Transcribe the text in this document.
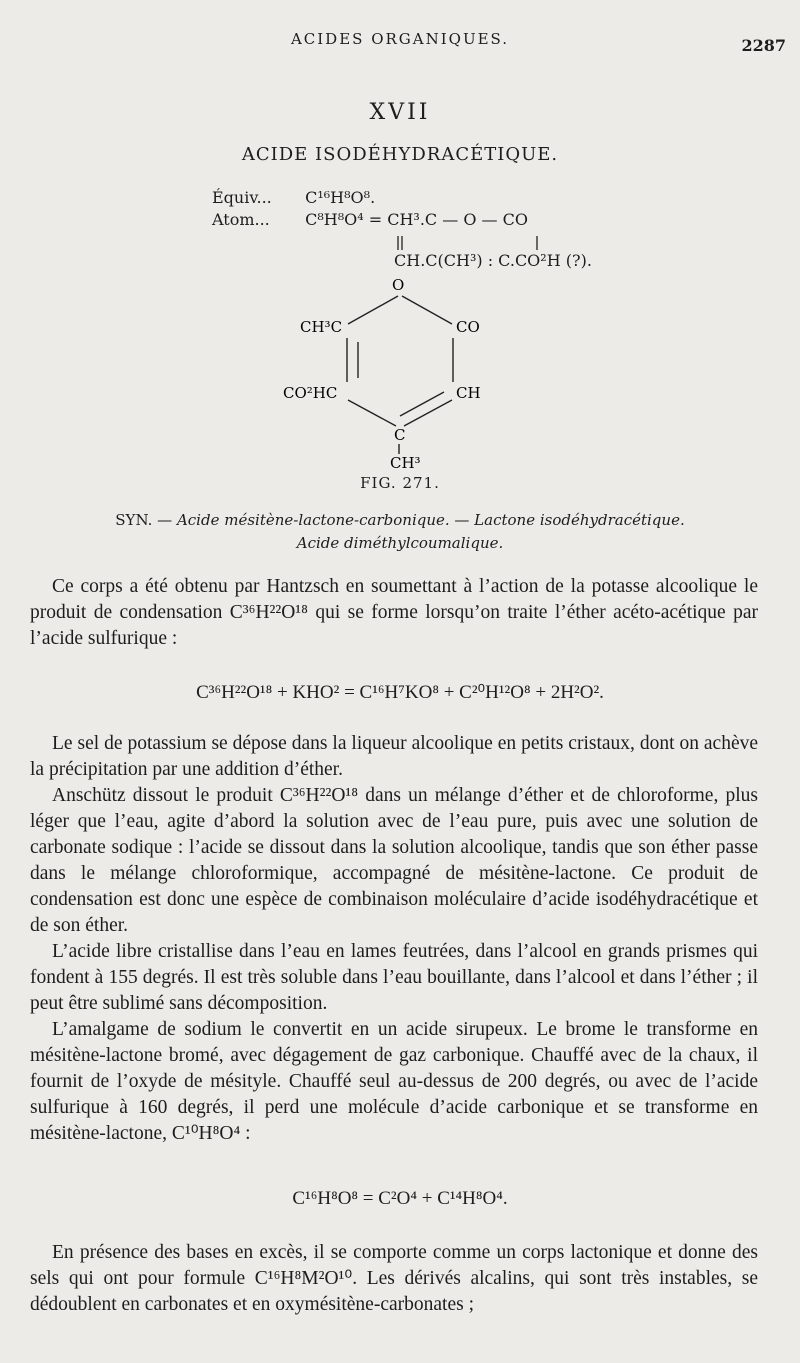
ACIDES ORGANIQUES.	2287
XVII
ACIDE ISODÉHYDRACÉTIQUE.
Équiv... C¹⁶H⁸O⁸.
Atom... C⁸H⁸O⁴ = CH³.C — O — CO
CH.C(CH³) : C.CO²H (?).
O
CH³C	CO
CO²HC	CH
C
CH³
FIG. 271.
SYN. — Acide mésitène-lactone-carbonique. — Lactone isodéhydracétique.
Acide diméthylcoumalique.

Ce corps a été obtenu par Hantzsch en soumettant à l’action de la potasse alcoolique le produit de condensation C³⁶H²²O¹⁸ qui se forme lorsqu’on traite l’éther acéto-acétique par l’acide sulfurique :

C³⁶H²²O¹⁸ + KHO² = C¹⁶H⁷KO⁸ + C²⁰H¹²O⁸ + 2H²O².

Le sel de potassium se dépose dans la liqueur alcoolique en petits cristaux, dont on achève la précipitation par une addition d’éther.

Anschütz dissout le produit C³⁶H²²O¹⁸ dans un mélange d’éther et de chloroforme, plus léger que l’eau, agite d’abord la solution avec de l’eau pure, puis avec une solution de carbonate sodique : l’acide se dissout dans la solution alcoolique, tandis que son éther passe dans le mélange chloroformique, accompagné de mésitène-lactone. Ce produit de condensation est donc une espèce de combinaison moléculaire d’acide isodéhydracétique et de son éther.

L’acide libre cristallise dans l’eau en lames feutrées, dans l’alcool en grands prismes qui fondent à 155 degrés. Il est très soluble dans l’eau bouillante, dans l’alcool et dans l’éther ; il peut être sublimé sans décomposition.

L’amalgame de sodium le convertit en un acide sirupeux. Le brome le transforme en mésitène-lactone bromé, avec dégagement de gaz carbonique. Chauffé avec de la chaux, il fournit de l’oxyde de mésityle. Chauffé seul au-dessus de 200 degrés, ou avec de l’acide sulfurique à 160 degrés, il perd une molécule d’acide carbonique et se transforme en mésitène-lactone, C¹⁰H⁸O⁴ :

C¹⁶H⁸O⁸ = C²O⁴ + C¹⁴H⁸O⁴.

En présence des bases en excès, il se comporte comme un corps lactonique et donne des sels qui ont pour formule C¹⁶H⁸M²O¹⁰. Les dérivés alcalins, qui sont très instables, se dédoublent en carbonates et en oxymésitène-carbonates ;
